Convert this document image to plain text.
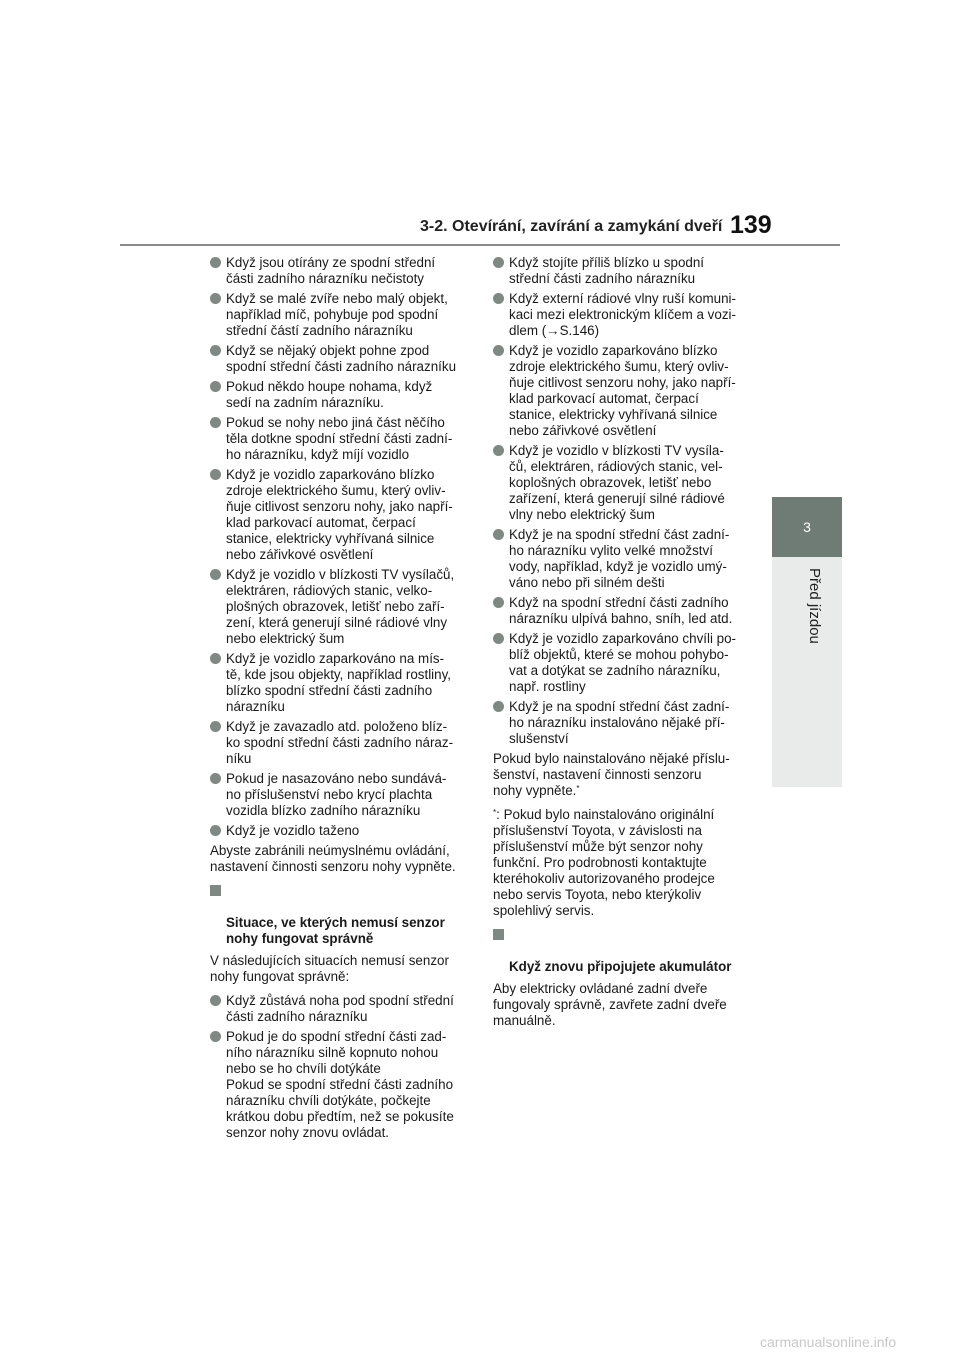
3-2. Otevírání, zavírání a zamykání dveří 139
3
Před jízdou
Když jsou otírány ze spodní střední
části zadního nárazníku nečistoty
Když se malé zvíře nebo malý objekt,
například míč, pohybuje pod spodní
střední částí zadního nárazníku
Když se nějaký objekt pohne zpod
spodní střední části zadního nárazníku
Pokud někdo houpe nohama, když
sedí na zadním nárazníku.
Pokud se nohy nebo jiná část něčího
těla dotkne spodní střední části zadní-
ho nárazníku, když míjí vozidlo
Když je vozidlo zaparkováno blízko
zdroje elektrického šumu, který ovliv-
ňuje citlivost senzoru nohy, jako napří-
klad parkovací automat, čerpací
stanice, elektricky vyhřívaná silnice
nebo zářivkové osvětlení
Když je vozidlo v blízkosti TV vysílačů,
elektráren, rádiových stanic, velko-
plošných obrazovek, letišť nebo zaří-
zení, která generují silné rádiové vlny
nebo elektrický šum
Když je vozidlo zaparkováno na mís-
tě, kde jsou objekty, například rostliny,
blízko spodní střední části zadního
nárazníku
Když je zavazadlo atd. položeno blíz-
ko spodní střední části zadního náraz-
níku
Pokud je nasazováno nebo sundává-
no příslušenství nebo krycí plachta
vozidla blízko zadního nárazníku
Když je vozidlo taženo
Abyste zabránili neúmyslnému ovládání,
nastavení činnosti senzoru nohy vypněte.

Situace, ve kterých nemusí senzor
nohy fungovat správně

V následujících situacích nemusí senzor
nohy fungovat správně:
Když zůstává noha pod spodní střední
části zadního nárazníku
Pokud je do spodní střední části zad-
ního nárazníku silně kopnuto nohou
nebo se ho chvíli dotýkáte
Pokud se spodní střední části zadního
nárazníku chvíli dotýkáte, počkejte
krátkou dobu předtím, než se pokusíte
senzor nohy znovu ovládat.
Když stojíte příliš blízko u spodní
střední části zadního nárazníku
Když externí rádiové vlny ruší komuni-
kaci mezi elektronickým klíčem a vozi-
dlem (→S.146)
Když je vozidlo zaparkováno blízko
zdroje elektrického šumu, který ovliv-
ňuje citlivost senzoru nohy, jako napří-
klad parkovací automat, čerpací
stanice, elektricky vyhřívaná silnice
nebo zářivkové osvětlení
Když je vozidlo v blízkosti TV vysíla-
čů, elektráren, rádiových stanic, vel-
koplošných obrazovek, letišť nebo
zařízení, která generují silné rádiové
vlny nebo elektrický šum
Když je na spodní střední část zadní-
ho nárazníku vylito velké množství
vody, například, když je vozidlo umý-
váno nebo při silném dešti
Když na spodní střední části zadního
nárazníku ulpívá bahno, sníh, led atd.
Když je vozidlo zaparkováno chvíli po-
blíž objektů, které se mohou pohybo-
vat a dotýkat se zadního nárazníku,
např. rostliny
Když je na spodní střední část zadní-
ho nárazníku instalováno nějaké pří-
slušenství
Pokud bylo nainstalováno nějaké příslu-
šenství, nastavení činnosti senzoru
nohy vypněte.*
*: Pokud bylo nainstalováno originální
příslušenství Toyota, v závislosti na
příslušenství může být senzor nohy
funkční. Pro podrobnosti kontaktujte
kteréhokoliv autorizovaného prodejce
nebo servis Toyota, nebo kterýkoliv
spolehlivý servis.

Když znovu připojujete akumulátor

Aby elektricky ovládané zadní dveře
fungovaly správně, zavřete zadní dveře
manuálně.
carmanualsonline.info
